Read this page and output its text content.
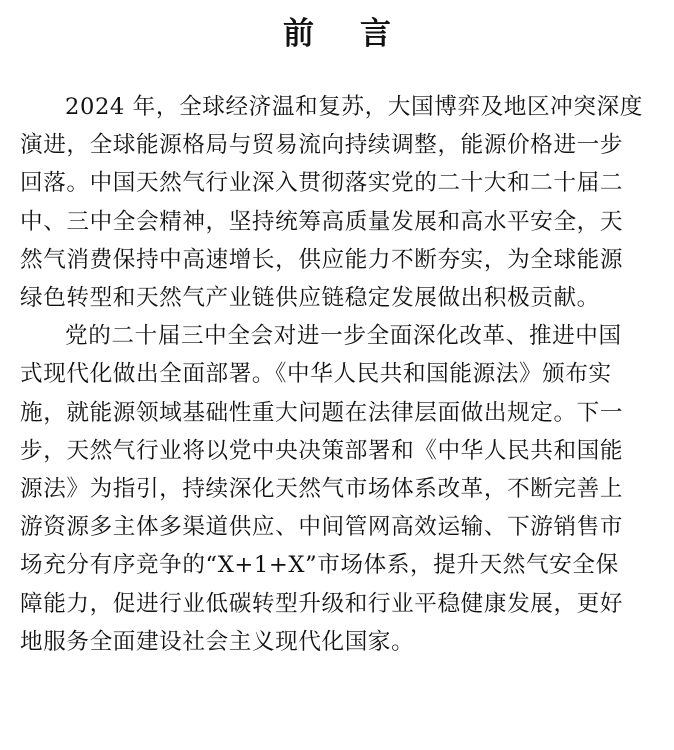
前言

2024 年，全球经济温和复苏，大国博弈及地区冲突深度
演进，全球能源格局与贸易流向持续调整，能源价格进一步
回落。中国天然气行业深入贯彻落实党的二十大和二十届二
中、三中全会精神，坚持统筹高质量发展和高水平安全，天
然气消费保持中高速增长，供应能力不断夯实，为全球能源
绿色转型和天然气产业链供应链稳定发展做出积极贡献。

党的二十届三中全会对进一步全面深化改革、推进中国
式现代化做出全面部署。《中华人民共和国能源法》颁布实
施，就能源领域基础性重大问题在法律层面做出规定。下一
步，天然气行业将以党中央决策部署和《中华人民共和国能
源法》为指引，持续深化天然气市场体系改革，不断完善上
游资源多主体多渠道供应、中间管网高效运输、下游销售市
场充分有序竞争的“X+1+X”市场体系，提升天然气安全保
障能力，促进行业低碳转型升级和行业平稳健康发展，更好
地服务全面建设社会主义现代化国家。
